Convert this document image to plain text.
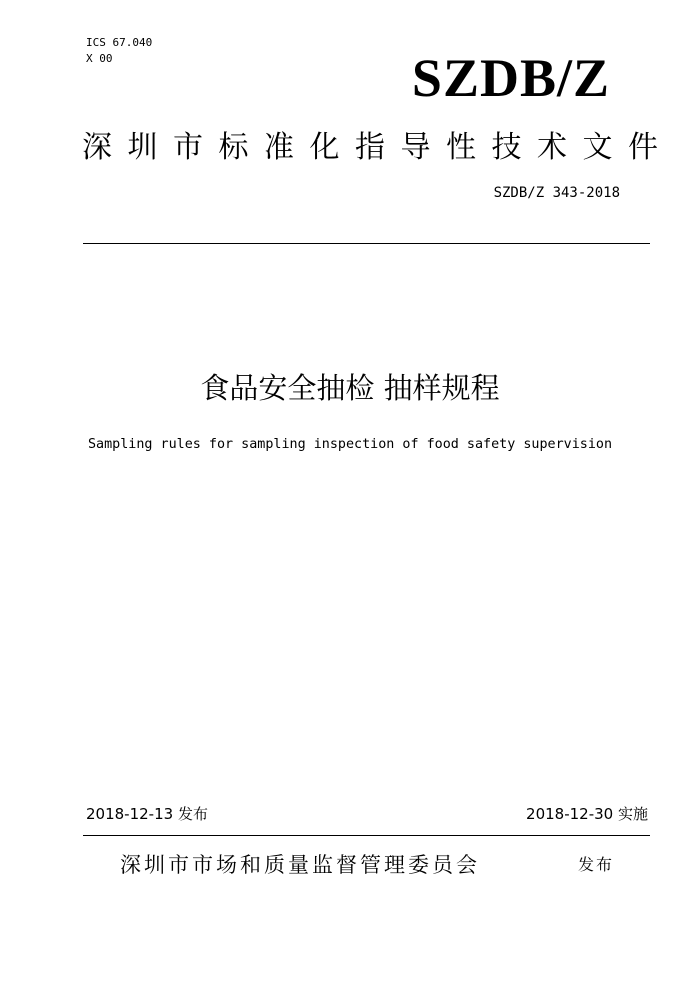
ICS 67.040
X 00	SZDB/Z
深圳市标准化指导性技术文件
SZDB/Z 343-2018
食品安全抽检 抽样规程
Sampling rules for sampling inspection of food safety supervision
2018-12-13 发布	2018-12-30 实施
深圳市市场和质量监督管理委员会	发布
